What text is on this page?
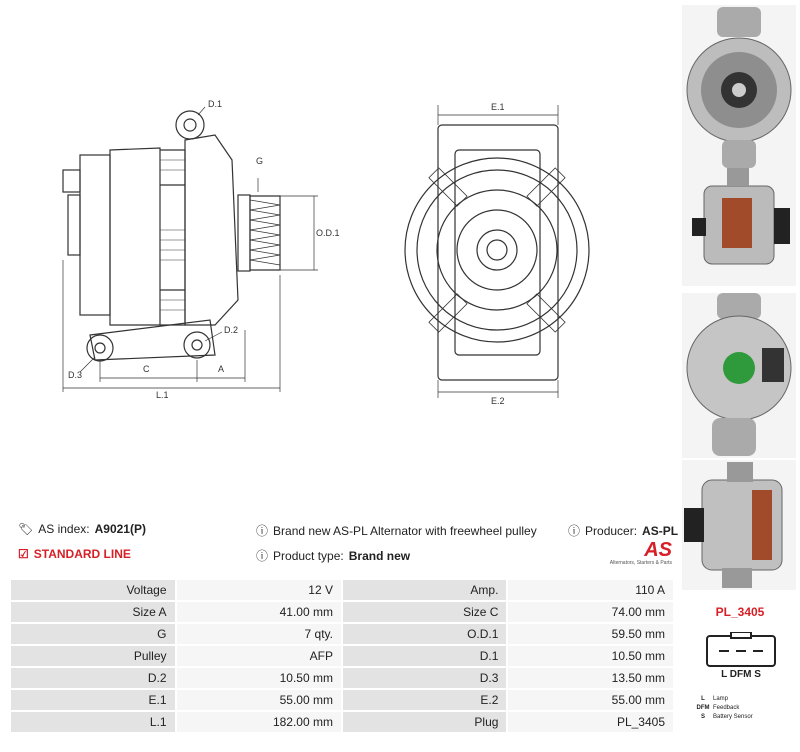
D.1
G
O.D.1
D.2
D.3
C	A
L.1
E.1
E.2
🏷︎ AS index: A9021(P)
☑ STANDARD LINE
ⓘ Brand new AS-PL Alternator with freewheel pulley
ⓘ Product type: Brand new
ⓘ Producer: AS-PL
AS
Alternators, Starters & Parts
Voltage	12 V	Amp.	110 A
Size A	41.00 mm	Size C	74.00 mm
G	7 qty.	O.D.1	59.50 mm
Pulley	AFP	D.1	10.50 mm
D.2	10.50 mm	D.3	13.50 mm
E.1	55.00 mm	E.2	55.00 mm
L.1	182.00 mm	Plug	PL_3405
PL_3405
L DFM S
L	Lamp
DFM Feedback
S	Battery Sensor
